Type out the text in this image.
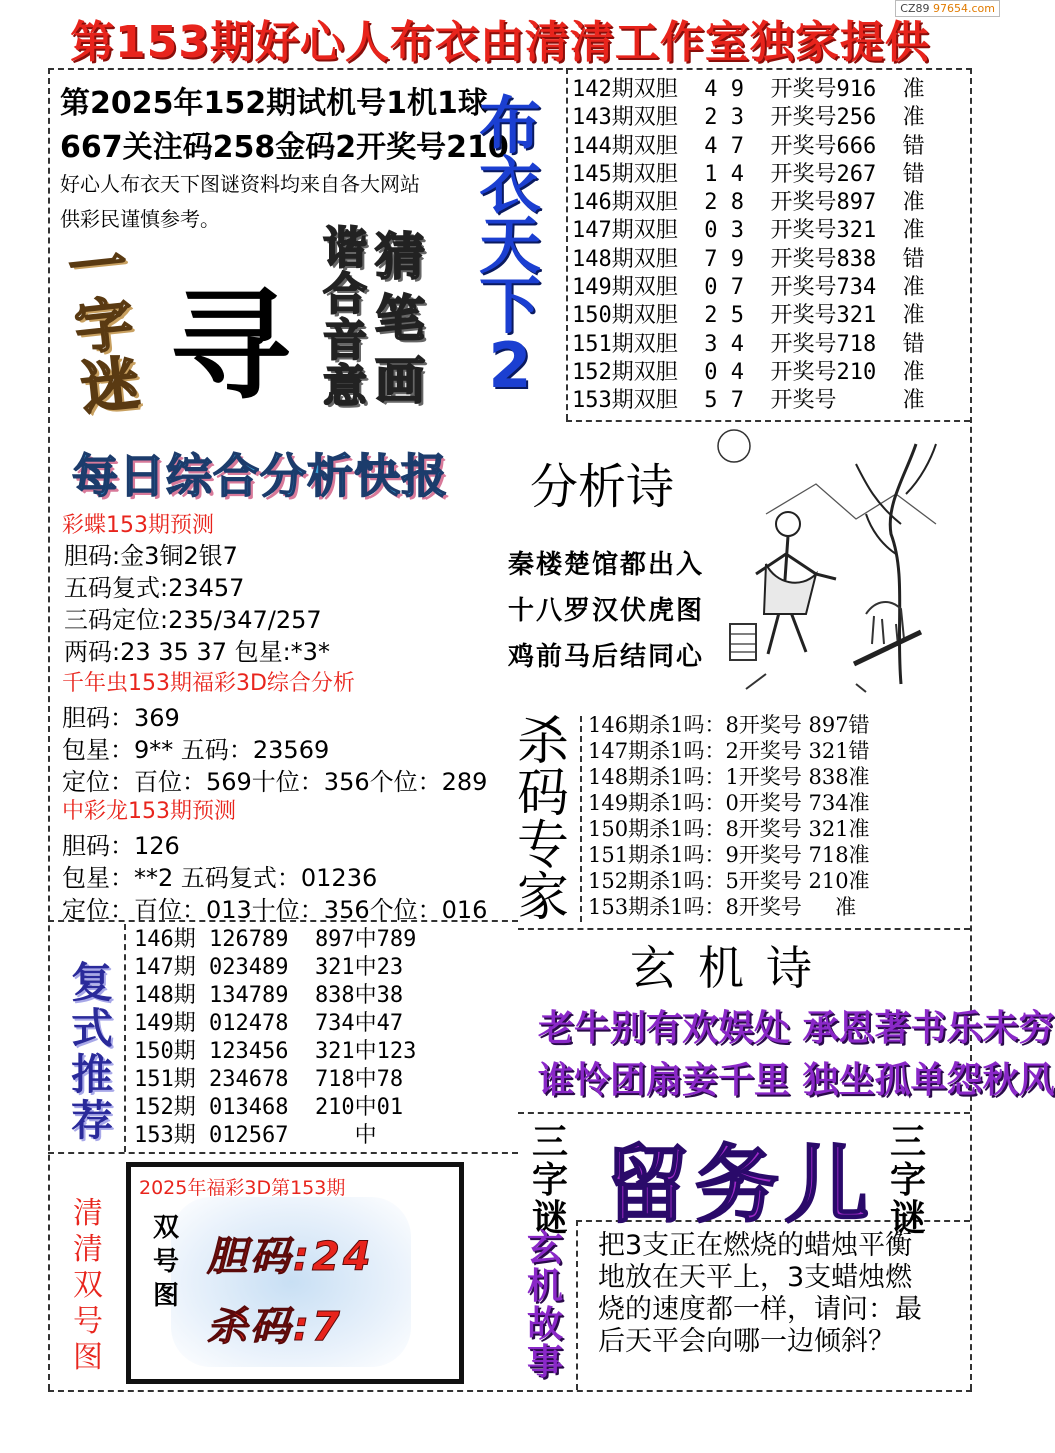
CZ89 97654.com
第153期好心人布衣由清清工作室独家提供
第2025年152期试机号1机1球
667关注码258金码2开奖号210
好心人布衣天下图谜资料均来自各大网站
供彩民谨慎参考。
布
衣
天
下
2
142期双胆  4 9  开奖号916  准
143期双胆  2 3  开奖号256  准
144期双胆  4 7  开奖号666  错
145期双胆  1 4  开奖号267  错
146期双胆  2 8  开奖号897  准
147期双胆  0 3  开奖号321  准
148期双胆  7 9  开奖号838  错
149期双胆  0 7  开奖号734  准
150期双胆  2 5  开奖号321  准
151期双胆  3 4  开奖号718  错
152期双胆  0 4  开奖号210  准
153期双胆  5 7  开奖号     准
一
字
迷 寻
猜
笔
画
谐
合
音
意
每日综合分析快报
彩蝶153期预测
胆码:金3铜2银7
五码复式:23457
三码定位:235/347/257
两码:23 35 37 包星:*3*
千年虫153期福彩3D综合分析
胆码：369
包星：9** 五码：23569
定位：百位：569十位：356个位：289
中彩龙153期预测
胆码：126
包星：**2 五码复式：01236
定位：百位：013十位：356个位：016
分析诗
秦楼楚馆都出入
十八罗汉伏虎图
鸡前马后结同心
杀
码
专
家
146期杀1吗：8开奖号 897错
147期杀1吗：2开奖号 321错
148期杀1吗：1开奖号 838准
149期杀1吗：0开奖号 734准
150期杀1吗：8开奖号 321准
151期杀1吗：9开奖号 718准
152期杀1吗：5开奖号 210准
153期杀1吗：8开奖号     准
复
式
推
荐
146期 126789  897中789
147期 023489  321中23
148期 134789  838中38
149期 012478  734中47
150期 123456  321中123
151期 234678  718中78
152期 013468  210中01
153期 012567     中
玄机诗
老牛别有欢娱处 承恩著书乐未穷
谁怜团扇妾千里 独坐孤单怨秋风
三
字
谜 留务儿 三
字
谜
清
清
双
号
图
2025年福彩3D第153期
双
号
图
胆码:24
杀码:7
玄
机
故
事
把3支正在燃烧的蜡烛平衡地放在天平上，3支蜡烛燃烧的速度都一样，请问：最后天平会向哪一边倾斜？
